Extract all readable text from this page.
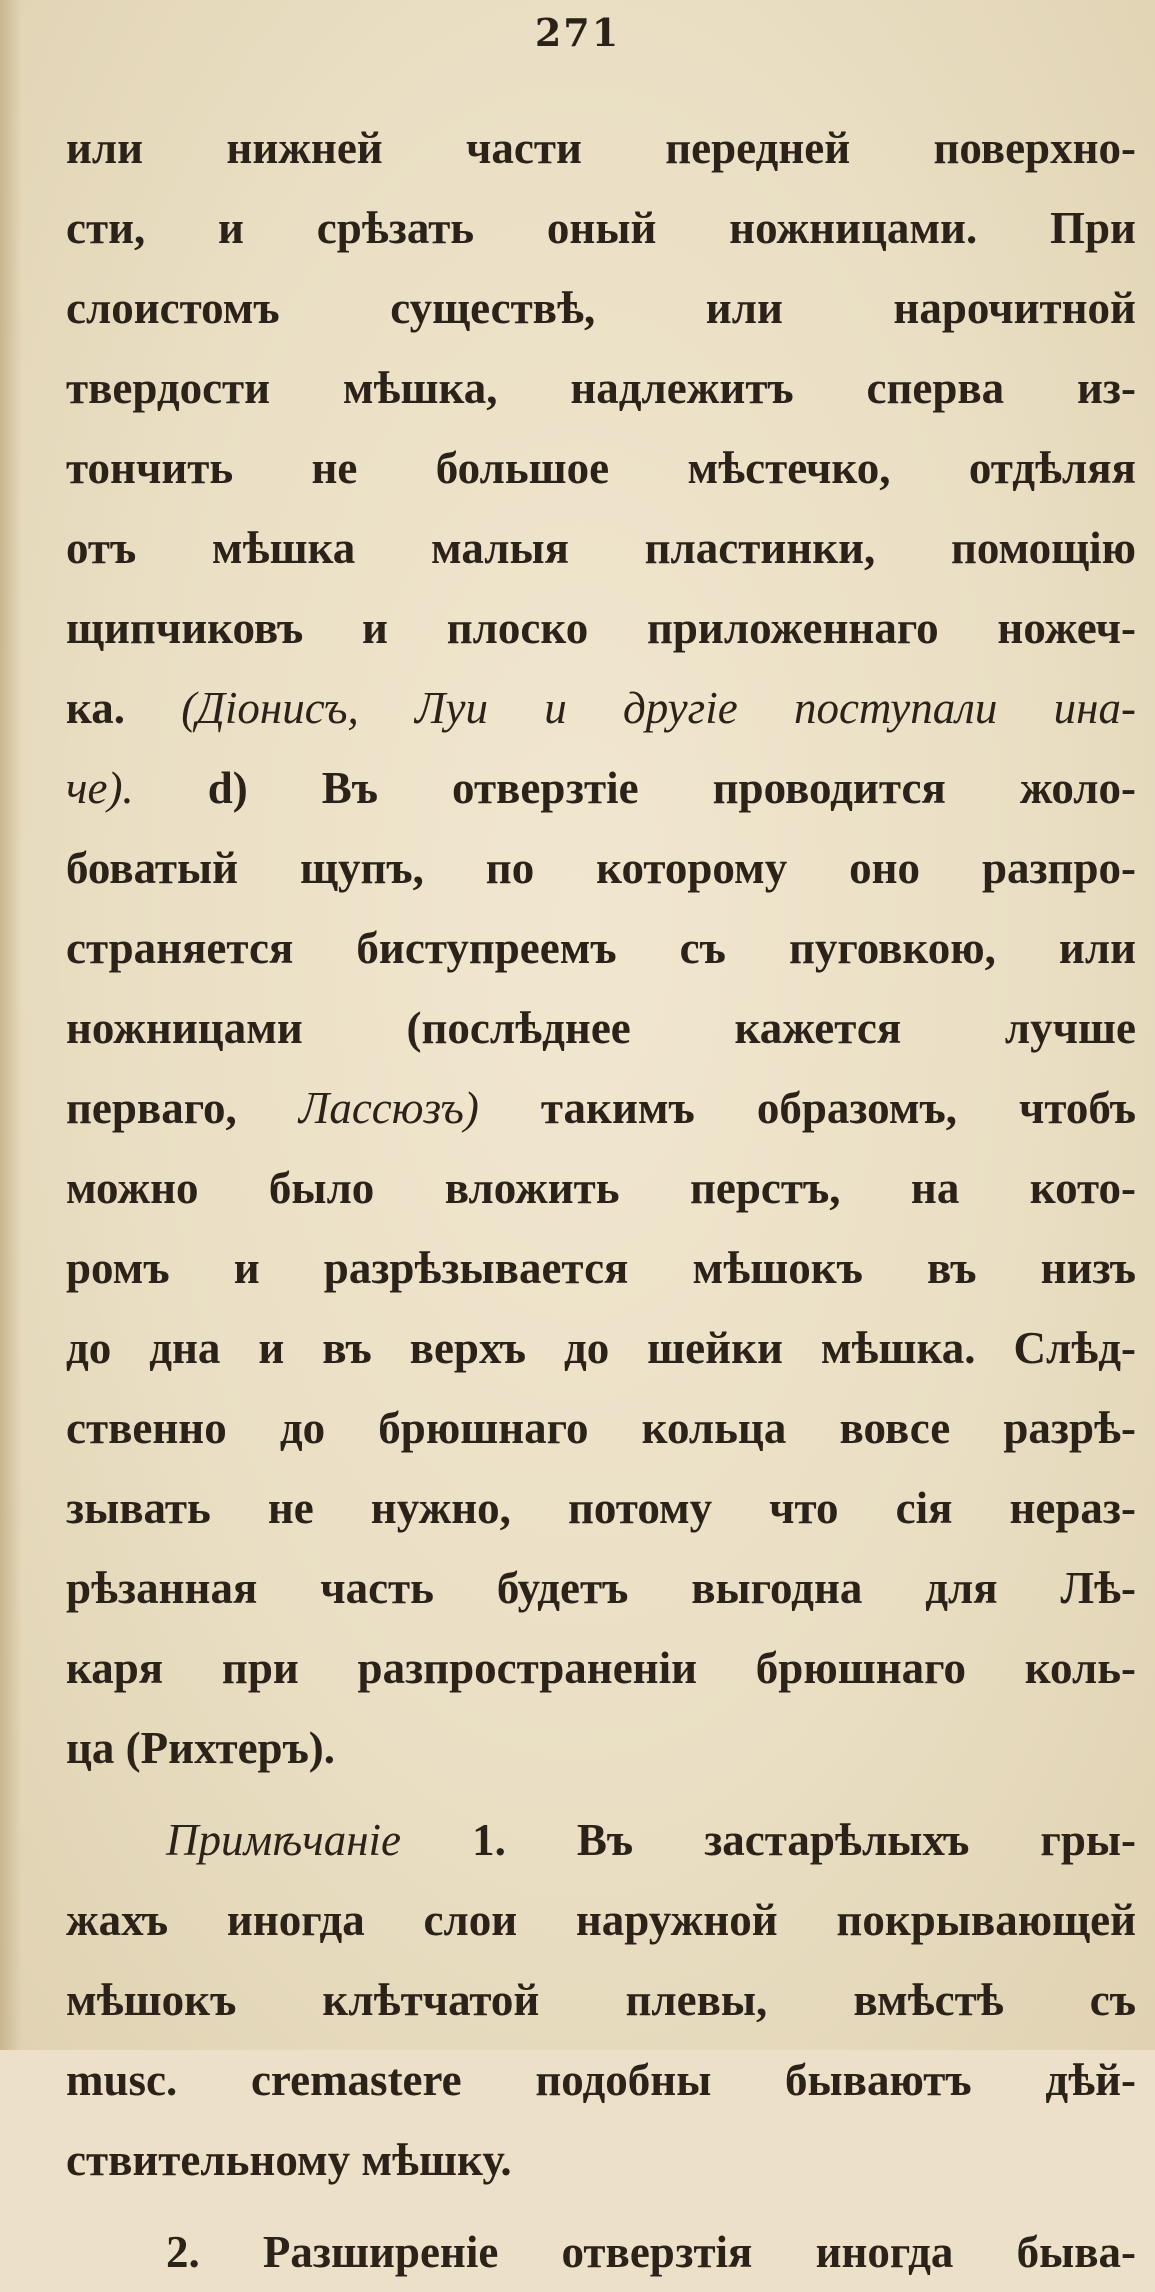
271
или нижней части передней поверхно-
сти, и срѣзать оный ножницами. При
слоистомъ существѣ, или нарочитной
твердости мѣшка, надлежитъ сперва из-
тончить не большое мѣстечко, отдѣляя
отъ мѣшка малыя пластинки, помощію
щипчиковъ и плоско приложеннаго ножеч-
ка. (Діонисъ, Луи и другіе поступали ина-
че). d) Въ отверзтіе проводится жоло-
боватый щупъ, по которому оно разпро-
страняется биступреемъ съ пуговкою, или
ножницами (послѣднее кажется лучше
перваго, Лассюзъ) такимъ образомъ, чтобъ
можно было вложить перстъ, на кото-
ромъ и разрѣзывается мѣшокъ въ низъ
до дна и въ верхъ до шейки мѣшка. Слѣд-
ственно до брюшнаго кольца вовсе разрѣ-
зывать не нужно, потому что сія нераз-
рѣзанная часть будетъ выгодна для Лѣ-
каря при разпространеніи брюшнаго коль-
ца (Рихтеръ).
Примѣчаніе 1. Въ застарѣлыхъ гры-
жахъ иногда слои наружной покрывающей
мѣшокъ клѣтчатой плевы, вмѣстѣ съ
musc. cremastere подобны бываютъ дѣй-
ствительному мѣшку.
2. Разширеніе отверзтія иногда быва-
